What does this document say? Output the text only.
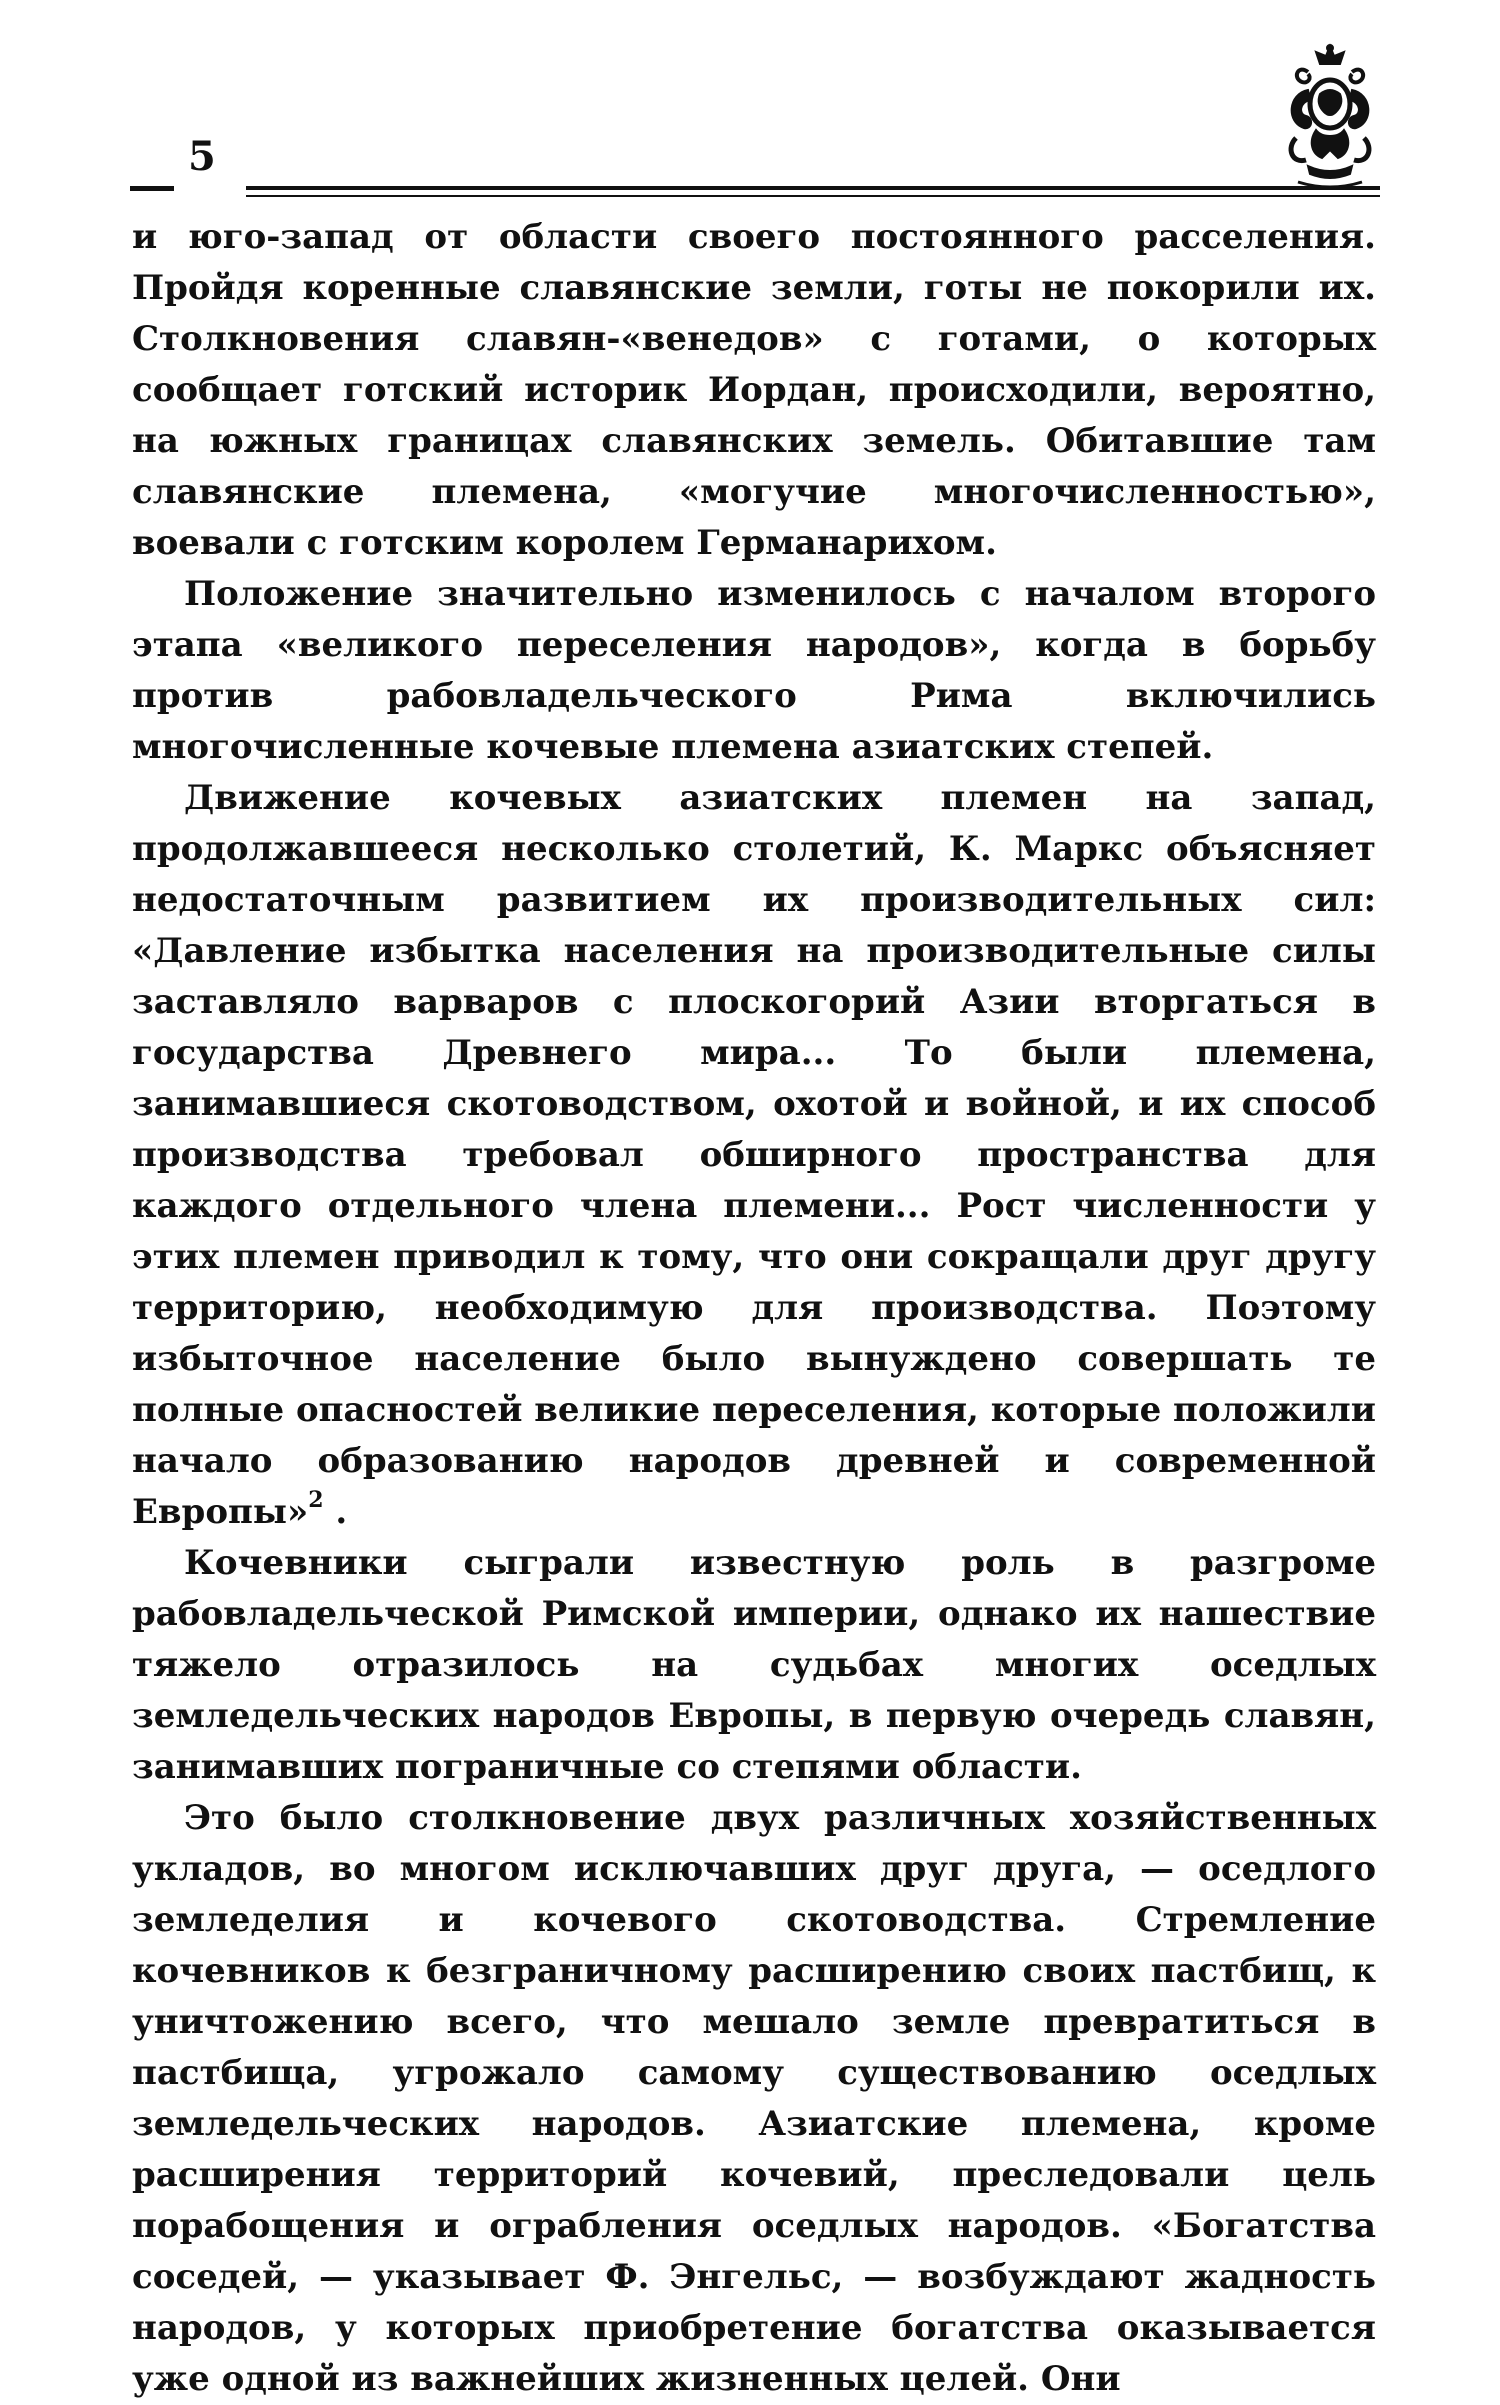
5

и юго-запад от области своего постоянного расселения. Пройдя коренные славянские земли, готы не покорили их. Столкновения славян-«венедов» с готами, о которых сообщает готский историк Иордан, происходили, вероятно, на южных границах славянских земель. Обитавшие там славянские племена, «могучие многочисленностью», воевали с готским королем Германарихом.

Положение значительно изменилось с началом второго этапа «великого переселения народов», когда в борьбу против рабовладельческого Рима включились многочисленные кочевые племена азиатских степей.

Движение кочевых азиатских племен на запад, продолжавшееся несколько столетий, К. Маркс объясняет недостаточным развитием их производительных сил: «Давление избытка населения на производительные силы заставляло варваров с плоскогорий Азии вторгаться в государства Древнего мира... То были племена, занимавшиеся скотоводством, охотой и войной, и их способ производства требовал обширного пространства для каждого отдельного члена племени... Рост численности у этих племен приводил к тому, что они сокращали друг другу территорию, необходимую для производства. Поэтому избыточное население было вынуждено совершать те полные опасностей великие переселения, которые положили начало образованию народов древней и современной Европы»$^2$ .

Кочевники сыграли известную роль в разгроме рабовладельческой Римской империи, однако их нашествие тяжело отразилось на судьбах многих оседлых земледельческих народов Европы, в первую очередь славян, занимавших пограничные со степями области.

Это было столкновение двух различных хозяйственных укладов, во многом исключавших друг друга, — оседлого земледелия и кочевого скотоводства. Стремление кочевников к безграничному расширению своих пастбищ, к уничтожению всего, что мешало земле превратиться в пастбища, угрожало самому существованию оседлых земледельческих народов. Азиатские племена, кроме расширения территорий кочевий, преследовали цель порабощения и ограбления оседлых народов. «Богатства соседей, — указывает Ф. Энгельс, — возбуждают жадность народов, у которых приобретение богатства оказывается уже одной из важнейших жизненных целей. Они
